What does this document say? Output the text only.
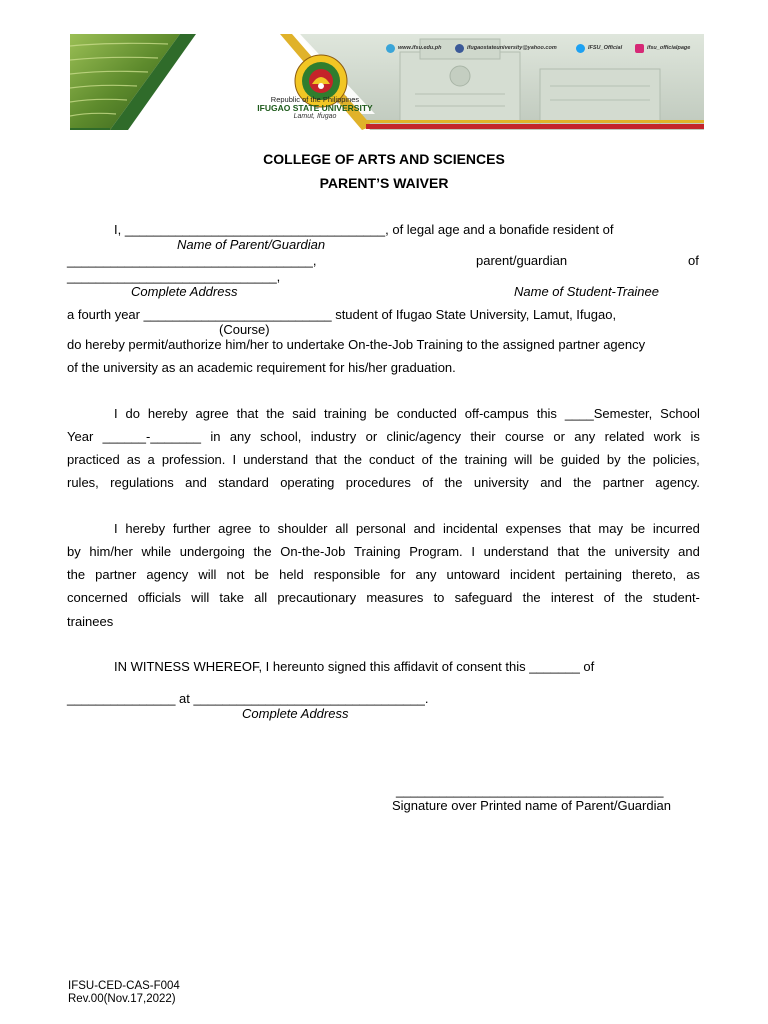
Republic of the Philippines
IFUGAO STATE UNIVERSITY
Lamut, Ifugao
www.ifsu.edu.ph	ifugaostateuniversity@yahoo.com	IFSU_Official	ifsu_officialpage
COLLEGE OF ARTS AND SCIENCES
PARENT’S WAIVER
I, ____________________________________, of legal age and a bonafide resident of
Name of Parent/Guardian
__________________________________,	parent/guardian	of
_____________________________,
Complete Address	Name of Student-Trainee
a fourth year __________________________ student of Ifugao State University, Lamut, Ifugao,
(Course)
do hereby permit/authorize him/her to undertake On-the-Job Training to the assigned partner agency
of the university as an academic requirement for his/her graduation.
I do hereby agree that the said training be conducted off-campus this ____Semester, School
Year ______-_______ in any school, industry or clinic/agency their course or any related work is
practiced as a profession. I understand that the conduct of the training will be guided by the policies,
rules, regulations and standard operating procedures of the university and the partner agency.
I hereby further agree to shoulder all personal and incidental expenses that may be incurred
by him/her while undergoing the On-the-Job Training Program. I understand that the university and
the partner agency will not be held responsible for any untoward incident pertaining thereto, as
concerned officials will take all precautionary measures to safeguard the interest of the student-
trainees
IN WITNESS WHEREOF, I hereunto signed this affidavit of consent this _______ of
_______________ at ________________________________.
Complete Address
_____________________________________
Signature over Printed name of Parent/Guardian
IFSU-CED-CAS-F004
Rev.00(Nov.17,2022)
